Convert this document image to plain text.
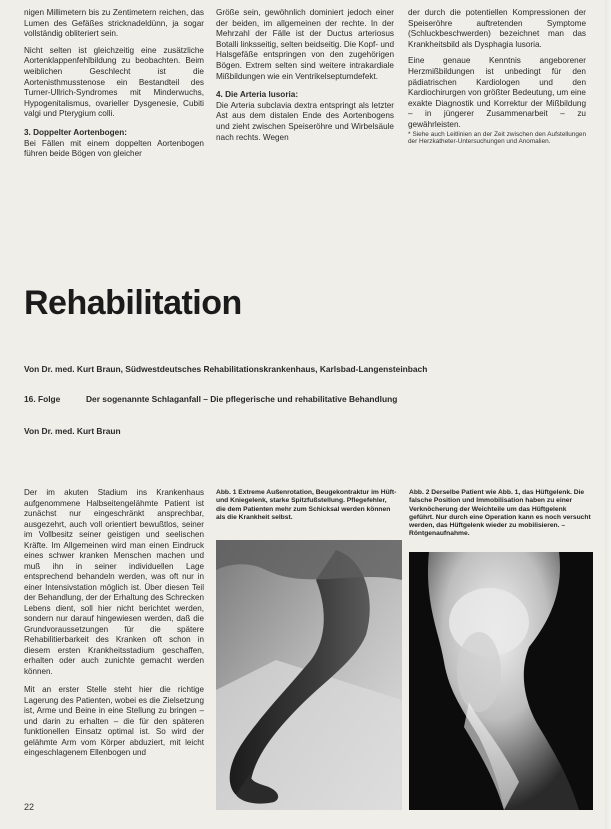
nigen Millimetern bis zu Zentimetern reichen, das Lumen des Gefäßes stricknadeldünn, ja sogar vollständig obliteriert sein.

Nicht selten ist gleichzeitig eine zusätzliche Aortenklappenfehlbildung zu beobachten. Beim weiblichen Geschlecht ist die Aortenisthmusstenose ein Bestandteil des Turner-Ullrich-Syndromes mit Minderwuchs, Hypogenitalismus, ovarieller Dysgenesie, Cubiti valgi und Pterygium colli.

3. Doppelter Aortenbogen:

Bei Fällen mit einem doppelten Aortenbogen führen beide Bögen von gleicher

Größe sein, gewöhnlich dominiert jedoch einer der beiden, im allgemeinen der rechte. In der Mehrzahl der Fälle ist der Ductus arteriosus Botalli linksseitig, selten beidseitig. Die Kopf- und Halsgefäße entspringen von den zugehörigen Bögen. Extrem selten sind weitere intrakardiale Mißbildungen wie ein Ventrikelseptumdefekt.

4. Die Arteria lusoria:

Die Arteria subclavia dextra entspringt als letzter Ast aus dem distalen Ende des Aortenbogens und zieht zwischen Speiseröhre und Wirbelsäule nach rechts. Wegen

der durch die potentiellen Kompressionen der Speiseröhre auftretenden Symptome (Schluckbeschwerden) bezeichnet man das Krankheitsbild als Dysphagia lusoria.

Eine genaue Kenntnis angeborener Herzmißbildungen ist unbedingt für den pädiatrischen Kardiologen und den Kardiochirurgen von größter Bedeutung, um eine exakte Diagnostik und Korrektur der Mißbildung – in jüngerer Zusammenarbeit – zu gewährleisten.

* Siehe auch Leitlinien an der Zeit zwischen den Aufstellungen der Herzkatheter-Untersuchungen und Anomalien.

Rehabilitation
Von Dr. med. Kurt Braun, Südwestdeutsches Rehabilitationskrankenhaus, Karlsbad-Langensteinbach
16. Folge	Der sogenannte Schlaganfall – Die pflegerische und rehabilitative Behandlung
Von Dr. med. Kurt Braun

Der im akuten Stadium ins Krankenhaus aufgenommene Halbseitengelähmte Patient ist zunächst nur eingeschränkt ansprechbar, ausgezehrt, auch voll orientiert bewußtlos, seiner im Vollbesitz seiner geistigen und seelischen Kräfte. Im Allgemeinen wird man einen Eindruck eines schwer kranken Menschen machen und muß ihn in seiner individuellen Lage entsprechend behandeln werden, was oft nur in einer Intensivstation möglich ist. Über diesen Teil der Behandlung, der der Erhaltung des Schrecken Lebens dient, soll hier nicht berichtet werden, sondern nur darauf hingewiesen werden, daß die Grundvoraussetzungen für die spätere Rehabilitierbarkeit des Kranken oft schon in diesem ersten Krankheitsstadium geschaffen, erhalten oder auch zunichte gemacht werden können.

Mit an erster Stelle steht hier die richtige Lagerung des Patienten, wobei es die Zielsetzung ist, Arme und Beine in eine Stellung zu bringen – und darin zu erhalten – die für den späteren funktionellen Einsatz optimal ist. So wird der gelähmte Arm vom Körper abduziert, mit leicht eingeschlagenem Ellenbogen und

Abb. 1 Extreme Außenrotation, Beugekontraktur im Hüft- und Kniegelenk, starke Spitzfußstellung. Pflegefehler, die dem Patienten mehr zum Schicksal werden können als die Krankheit selbst.
Abb. 2 Derselbe Patient wie Abb. 1, das Hüftgelenk. Die falsche Position und Immobilisation haben zu einer Verknöcherung der Weichteile um das Hüftgelenk geführt. Nur durch eine Operation kann es noch versucht werden, das Hüftgelenk wieder zu mobilisieren. – Röntgenaufnahme.
22
